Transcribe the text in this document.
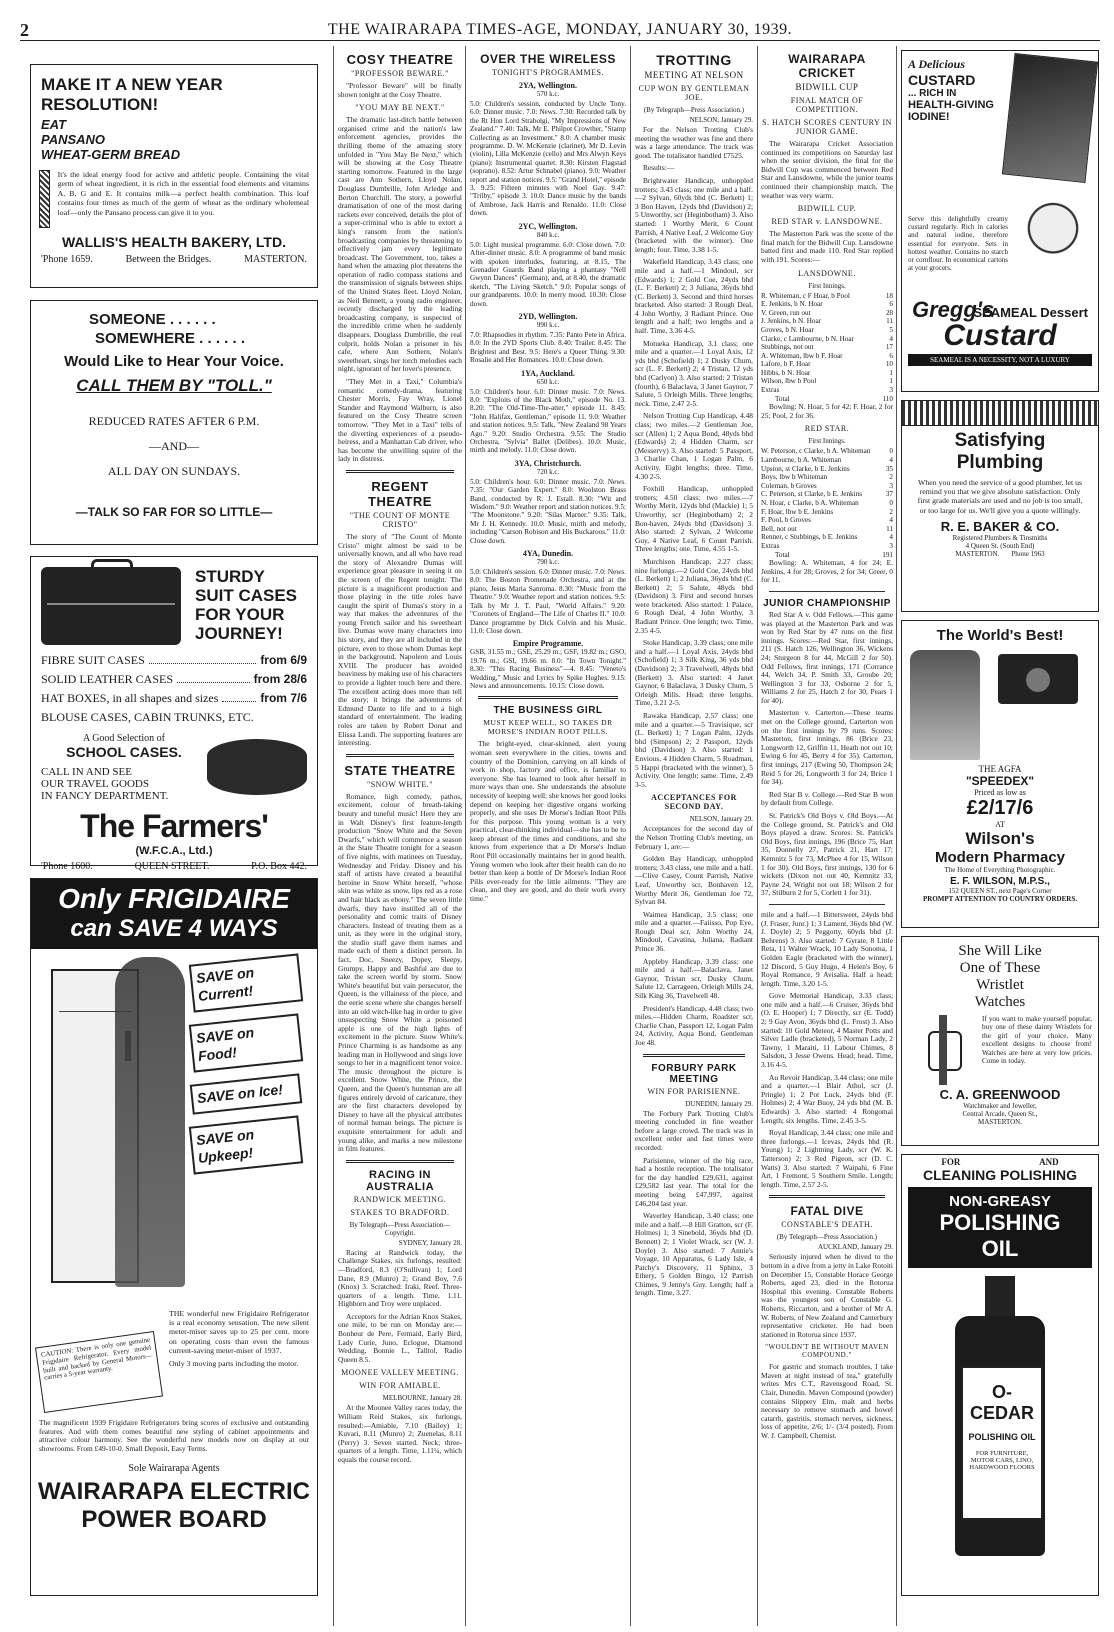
2	THE WAIRARAPA TIMES-AGE, MONDAY, JANUARY 30, 1939.
MAKE IT A NEW YEAR RESOLUTION!
EAT
PANSANO
WHEAT-GERM BREAD
It's the ideal energy food for active and athletic people. Containing the vital germ of wheat ingredient, it is rich in the essential food elements and vitamins A, B, G and E. It contains milk—a perfect health combination. This loaf contains four times as much of the germ of wheat as the ordinary wholemeal loaf—only the Pansano process can give it to you.
WALLIS'S HEALTH BAKERY, LTD.
'Phone 1659.	Between the Bridges.	MASTERTON.
SOMEONE . . . . . .
SOMEWHERE . . . . . .
Would Like to Hear Your Voice.
CALL THEM BY "TOLL."
REDUCED RATES AFTER 6 P.M.
—AND—
ALL DAY ON SUNDAYS.
—TALK SO FAR FOR SO LITTLE—
STURDY
SUIT CASES
FOR YOUR
JOURNEY!
FIBRE SUIT CASES	from 6/9
SOLID LEATHER CASES	from 28/6
HAT BOXES, in all shapes and sizes	from 7/6
BLOUSE CASES, CABIN TRUNKS, ETC.
A Good Selection of
SCHOOL CASES.
CALL IN AND SEE
OUR TRAVEL GOODS
IN FANCY DEPARTMENT.
The Farmers'
(W.F.C.A., Ltd.)
'Phone 1600.	QUEEN STREET.	P.O. Box 442.
Only FRIGIDAIRE
can SAVE 4 WAYS
SAVE on Current!
SAVE on Food!
SAVE on Ice!
SAVE on Upkeep!
CAUTION: There is only one genuine Frigidaire Refrigerator. Every model built and backed by General Motors—carries a 5-year warranty.
THE wonderful new Frigidaire Refrigerator is a real economy sensation. The new silent meter-miser saves up to 25 per cent. more on operating costs than even the famous current-saving meter-miser of 1937.
Only 3 moving parts including the motor.
The magnificent 1939 Frigidaire Refrigerators bring scores of exclusive and outstanding features. And with them comes beautiful new styling of cabinet appointments and attractive colour harmony. See the wonderful new models now on display at our showrooms. From £49-10-0. Small Deposit, Easy Terms.
Sole Wairarapa Agents
WAIRARAPA ELECTRIC
POWER BOARD
COSY THEATRE
"PROFESSOR BEWARE."

"Professor Beware" will be finally shown tonight at the Cosy Theatre.

"YOU MAY BE NEXT."

The dramatic last-ditch battle between organised crime and the nation's law enforcement agencies, provides the thrilling theme of the amazing story unfolded in "You May Be Next," which will be showing at the Cosy Theatre starting tomorrow. Featured in the large cast are Ann Sothern, Lloyd Nolan, Douglass Dumbrille, John Arledge and Berton Churchill. The story, a powerful dramatisation of one of the most daring rackets ever conceived, details the plot of a super-criminal who is able to extort a king's ransom from the nation's broadcasting companies by threatening to effectively jam every legitimate broadcast. The Government, too, takes a hand when the amazing plot threatens the operation of radio compass stations and the transmission of signals between ships of the United States fleet. Lloyd Nolan, as Neil Bennett, a young radio engineer, recently discharged by the leading broadcasting company, is suspected of the incredible crime when he suddenly disappears. Douglass Dumbrille, the real culprit, holds Nolan a prisoner in his cafe, where Ann Sothern, Nolan's sweetheart, sings her torch melodies each night, ignorant of her lover's presence.

"They Met in a Taxi," Columbia's romantic comedy-drama, featuring Chester Morris, Fay Wray, Lionel Stander and Raymond Walburn, is also featured on the Cosy Theatre screen tomorrow. "They Met in a Taxi" tells of the diverting experiences of a pseudo-heiress, and a Manhattan Cab driver, who has become the unwilling squire of the lady in distress.

REGENT THEATRE
"THE COUNT OF MONTE CRISTO"

The story of "The Count of Monte Cristo" might almost be said to be universally known, and all who have read the story of Alexandre Dumas will experience great pleasure in seeing it on the screen of the Regent tonight. The picture is a magnificent production and those playing in the title roles have caught the spirit of Dumas's story in a way that makes the adventures of the young French sailor and his sweetheart live. Dumas wove many characters into his story, and they are all included in the picture, even to those whom Dumas kept in the background, Napoleon and Louis XVIII. The producer has avoided heaviness by making use of his characters to provide a lighter touch here and there. The excellent acting does more than tell the story; it brings the adventures of Edmund Dante to life and to a high standard of entertainment. The leading roles are taken by Robert Donat and Elissa Landi. The supporting features are interesting.

STATE THEATRE
"SNOW WHITE."

Romance, high comedy, pathos, excitement, colour of breath-taking beauty and tuneful music! Here they are in Walt Disney's first feature-length production "Snow White and the Seven Dwarfs," which will commence a season at the State Theatre tonight for a season of five nights, with matinees on Tuesday, Wednesday and Friday. Disney and his staff of artists have created a beautiful heroine in Snow White herself, "whose skin was white as snow, lips red as a rose and hair black as ebony." The seven little dwarfs, they have instilled all of the personality and comic traits of Disney characters. Instead of treating them as a unit, as they were in the original story, the studio staff gave them names and made each of them a distinct person. In fact, Doc, Sneezy, Dopey, Sleepy, Grumpy, Happy and Bashful are due to take the screen world by storm. Snow White's beautiful but vain persecutor, the Queen, is the villainess of the piece, and the eerie scene where she changes herself into an old witch-like hag in order to give unsuspecting Snow White a poisoned apple is one of the high lights of excitement in the picture. Snow White's Prince Charming is as handsome as any leading man in Hollywood and sings love songs to her in a magnificent tenor voice. The music throughout the picture is excellent. Snow White, the Prince, the Queen, and the Queen's huntsman are all figures entirely devoid of caricature, they are the first characters developed by Disney to have all the physical attributes of normal human beings. The picture is exquisite entertainment for adult and young alike, and marks a new milestone in film features.

RACING IN AUSTRALIA
RANDWICK MEETING.
STAKES TO BRADFORD.
By Telegraph—Press Association—Copyright.
SYDNEY, January 28.

Racing at Randwick today, the Challenge Stakes, six furlongs, resulted:—Bradford, 8.3 (O'Sullivan) 1; Lord Dane, 8.9 (Munro) 2; Grand Boy, 7.6 (Knox) 3. Scratched: Iraki, Reef. Three-quarters of a length. Time, 1.11. Highborn and Troy were unplaced.

Acceptors for the Adrian Knox Stakes, one mile, to be run on Monday are:—Bonheur de Pere, Fermaid, Early Bird, Lady Curie, Juno, Eclogue, Diamond Wedding, Bonnie L., Talltol, Radio Queen 8.5.

MOONEE VALLEY MEETING.
WIN FOR AMIABLE.
MELBOURNE, January 28.

At the Moonee Valley races today, the William Reid Stakes, six furlongs, resulted:—Amiable, 7.10 (Bailey) 1; Kuvari, 8.11 (Munro) 2; Zuenelas, 8.11 (Perry) 3. Seven started. Neck; three-quarters of a length. Time, 1.11¼, which equals the course record.

OVER THE WIRELESS
TONIGHT'S PROGRAMMES.
2YA, Wellington.
570 k.c.

5.0: Children's session, conducted by Uncle Tony. 6.0: Dinner music. 7.0: News. 7.30: Recorded talk by the Rt Hon Lord Strabolgi, "My Impressions of New Zealand." 7.40: Talk, Mr E. Philpot Crowther, "Stamp Collecting as an Investment." 8.0: A chamber music programme. D. W. McKenzie (clarinet), Mr D. Levin (violin), Lilla McKenzie (cello) and Mrs Alwyn Keys (piano): Instrumental quartet. 8.30: Kirsten Flagstad (soprano). 8.52: Artur Schnabel (piano). 9.0: Weather report and station notices. 9.5: "Grand Hotel," episode 3. 9.25: Fifteen minutes with Noel Gay. 9.47: "Trilby," episode 3. 10.0: Dance music by the bands of Ambrose, Jack Harris and Renaldo. 11.0: Close down.

2YC, Wellington.
840 k.c.

5.0: Light musical programme. 6.0: Close down. 7.0: After-dinner music. 8.0: A programme of band music with spoken interludes, featuring, at 8.15, The Grenadier Guards Band playing a phantasy "Nell Gwynn Dances" (German), and, at 8.40, the dramatic sketch, "The Living Sketch." 9.0: Popular songs of our grandparents. 10.0: In merry mood. 10.30: Close down.

2YD, Wellington.
990 k.c.

7.0: Rhapsodies in rhythm. 7.35: Panto Pete in Africa. 8.0: In the 2YD Sports Club. 8.40: Trailer. 8.45: The Brightest and Best. 9.5: Here's a Queer Thing. 9.30: Rosalie and Her Romances. 10.0: Close down.

1YA, Auckland.
650 k.c.

5.0: Children's hour. 6.0: Dinner music. 7.0: News. 8.0: "Exploits of the Black Moth," episode No. 13. 8.20: "The Old-Time-The-atter," episode 11. 8.45: "John Halifax, Gentleman," episode 11. 9.0: Weather and station notices. 9.5: Talk, "New Zealand 98 Years Ago." 9.20: Studio Orchestra. 9.55: The Studio Orchestra, "Sylvia" Ballet (Delibes). 10.0: Music, mirth and melody. 11.0: Close down.

3YA, Christchurch.
720 k.c.

5.0: Children's hour. 6.0: Dinner music. 7.0: News. 7.35: "Our Garden Expert." 8.0: Woolston Brass Band, conducted by R. J. Estall. 8.30: "Wit and Wisdom." 9.0: Weather report and station notices. 9.5: "The Moonstone." 9.20: "Silas Marner." 9.35: Talk, Mr J. H. Kennedy. 10.0: Music, mirth and melody, including "Carson Robison and His Buckaroos." 11.0: Close down.

4YA, Dunedin.
790 k.c.

5.0: Children's session. 6.0: Dinner music. 7.0: News. 8.0: The Boston Promenade Orchestra, and at the piano, Jesus Maria Sanroma. 8.30: "Music from the Theatre." 9.0: Weather report and station notices. 9.5: Talk by Mr J. T. Paul, "World Affairs." 9.20: "Coronets of England—The Life of Charles II." 10.0: Dance programme by Dick Colvin and his Music. 11.0: Close down.

Empire Programme.

GSB, 31.55 m.; GSE, 25.29 m.; GSF, 19.82 m.; GSO, 19.76 m.; GSI, 19.66 m. 8.0: "In Town Tonight." 8.30: "This Racing Business"—4. 8.45: "Veneto's Wedding," Music and Lyrics by Spike Hughes. 9.15: News and announcements. 10.15: Close down.

THE BUSINESS GIRL
MUST KEEP WELL, SO TAKES DR MORSE'S INDIAN ROOT PILLS.

The bright-eyed, clear-skinned, alert young woman seen everywhere in the cities, towns and country of the Dominion, carrying on all kinds of work in shop, factory and office, is familiar to everyone. She has learned to look after herself in more ways than one. She understands the absolute necessity of keeping well; she knows her good looks depend on keeping her digestive organs working properly, and she uses Dr Morse's Indian Root Pills for this purpose. This young woman is a very practical, clear-thinking individual—she has to be to keep abreast of the times and conditions, and she knows from experience that a Dr Morse's Indian Root Pill occasionally maintains her in good health. Young women who look after their health can do no better than keep a bottle of Dr Morse's Indian Root Pills ever-ready for the little ailments. "They are clean, and they are good, and do their work every time."

TROTTING
MEETING AT NELSON
CUP WON BY GENTLEMAN JOE.
(By Telegraph—Press Association.)
NELSON, January 29.

For the Nelson Trotting Club's meeting the weather was fine and there was a large attendance. The track was good. The totalisator handled £7525.

Results:—

Brightwater Handicap, unhoppled trotters; 3.43 class; one mile and a half.—2 Sylvan, 60yds bhd (C. Berkett) 1; 3 Bon Haven, 12yds bhd (Davidson) 2; 5 Unworthy, scr (Heginbotham) 3. Also started: 1 Worthy Merit, 6 Count Parrish, 4 Native Leaf, 2 Welcome Guy (bracketed with the winner). One length; four. Time, 3.38 1-5.

Wakefield Handicap, 3.43 class; one mile and a half.—1 Mindoul, scr (Edwards) 1; 2 Gold Coe, 24yds bhd (L. F. Berkett) 2; 3 Juliana, 36yds bhd (C. Berkett) 3. Second and third horses bracketed. Also started: 3 Rough Deal, 4 John Worthy, 3 Radiant Prince. One length and a half; two lengths and a half. Time, 3.36 4-5.

Motueka Handicap, 3.1 class; one mile and a quarter.—1 Loyal Axis, 12 yds bhd (Schofield) 1; 2 Dusky Chum, scr (L. F. Berkett) 2; 4 Tristan, 12 yds bhd (Carlyon) 3. Also started: 2 Tristan (fourth), 6 Balaclava, 3 Janet Gaynor, 7 Salute, 5 Orleigh Mills. Three lengths; neck. Time, 2.47 2-5.

Nelson Trotting Cup Handicap, 4.48 class; two miles.—2 Gentleman Joe, scr (Allen) 1; 2 Aqua Bond, 48yds bhd (Edwards) 2; 4 Hidden Charm, scr (Messervy) 3. Also started: 5 Passport, 3 Charlie Chan, 1 Logan Palm, 6 Activity. Eight lengths; three. Time, 4.30 2-5.

Foxhill Handicap, unhoppled trotters; 4.50 class; two miles.—7 Worthy Merit, 12yds bhd (Mackie) 1; 5 Unworthy, scr (Heginbotham) 2; 2 Bon-haven, 24yds bhd (Davidson) 3. Also started: 2 Sylvan, 2 Welcome Guy, 4 Native Leaf, 6 Count Parrish. Three lengths; one. Time, 4.55 1-5.

Murchison Handicap, 2.27 class; nine furlongs.—2 Gold Coe, 24yds bhd (L. Berkett) 1; 2 Juliana, 36yds bhd (C. Berkett) 2; 5 Salute, 48yds bhd (Davidson) 3. First and second horses were bracketed. Also started: 1 Palace, 6 Rough Deal, 4 John Worthy, 3 Radiant Prince. One length; two. Time, 2.35 4-5.

Stoke Handicap, 3.39 class; one mile and a half.—1 Loyal Axis, 24yds bhd (Schofield) 1; 3 Silk King, 36 yds bhd (Davidson) 2; 3 Travelwell, 48yds bhd (Berkett) 3. Also started: 4 Janet Gaynor, 6 Balaclava, 3 Dusky Chum, 5 Orleigh Mills. Head; three lengths. Time, 3.21 2-5.

Rawaka Handicap, 2.57 class; one mile and a quarter.—5 Travisique, scr (L. Berkett) 1; 7 Logan Palm, 12yds bhd (Simpson) 2; 2 Passport, 12yds bhd (Davidson) 3. Also started: 1 Envious, 4 Hidden Charm, 5 Roadman, 5 Happi (bracketed with the winner), 5 Activity. One length; same. Time, 2.49 3-5.

ACCEPTANCES FOR SECOND DAY.
NELSON, January 29.

Acceptances for the second day of the Nelson Trotting Club's meeting, on February 1, are:—

Golden Bay Handicap, unhoppled trotters; 3.43 class, one mile and a half.—Clive Casey, Count Parrish, Native Leaf, Unworthy scr, Bonhaven 12, Worthy Merit 36, Gentleman Joe 72, Sylvan 84.

Waimea Handicap, 3.5 class; one mile and a quarter.—Faiisso, Pop Eye, Rough Deal scr, John Worthy 24, Mindoul, Cavatina, Juliana, Radiant Prince 36.

Appleby Handicap, 3.39 class; one mile and a half.—Balaclava, Janet Gaynor, Tristan scr, Dusky Chum, Salute 12, Carrageen, Orleigh Mills 24, Silk King 36, Travelwell 48.

President's Handicap, 4.48 class; two miles.—Hidden Charm, Roadster scr, Charlie Chan, Passport 12, Logan Palm 24, Activity, Aqua Bond, Gentleman Joe 48.

FORBURY PARK MEETING
WIN FOR PARISIENNE.
DUNEDIN, January 29.

The Forbury Park Trotting Club's meeting concluded in fine weather before a large crowd. The track was in excellent order and fast times were recorded.

Parisienne, winner of the big race, had a hostile reception. The totalisator for the day handled £29,631, against £29,582 last year. The total for the meeting being £47,997, against £46,204 last year.

Waverley Handicap, 3.40 class; one mile and a half.—8 Hill Gratton, scr (F. Holmes) 1; 3 Sinebold, 36yds bhd (D. Bennett) 2; 1 Violet Wrack, scr (W. J. Doyle) 3. Also started: 7 Annie's Voyage, 10 Apparatus, 6 Lady Isle, 4 Patchy's Discovery, 11 Sphinx, 3 Ethery, 5 Golden Bingo, 12 Parrish Chimes, 9 Jenny's Guy. Length; half a length. Time, 3.27.

WAIRARAPA CRICKET
BIDWILL CUP
FINAL MATCH OF COMPETITION.
S. HATCH SCORES CENTURY IN JUNIOR GAME.

The Wairarapa Cricket Association continued its competitions on Saturday last when the senior division, the final for the Bidwill Cup was commenced between Red Star and Lansdowne, while the junior teams continued their championship match. The weather was very warm.

BIDWILL CUP.
RED STAR v. LANSDOWNE.

The Masterton Park was the scene of the final match for the Bidwill Cup. Lansdowne batted first and made 110. Red Star replied with 191. Scores:—

LANSDOWNE.
First Innings.
R. Whiteman, c F Hoar, b Pool	18
E. Jenkins, b N. Hoar	6
V. Green, run out	28
J. Jenkins, b N. Hoar	11
Groves, b N. Hoar	5
Clarke, c Lambourne, b N. Hoar	4
Stubbings, not out	17
A. Whiteman, lbw b F. Hoar	6
Lafore, b F. Hoar	10
Hibbs, b N. Hoar	1
Wilson, lbw b Pool	1
Extras	3
Total	110

Bowling: N. Hoar, 5 for 42; F. Hoar, 2 for 25; Pool, 2 for 36.

RED STAR.
First Innings.
W. Peterson, c Clarke, b A. Whiteman	0
Lambourne, b A. Whiteman	4
Upston, st Clarke, b E. Jenkins	35
Boys, lbw b Whiteman	2
Coleman, b Groves	3
C. Peterson, st Clarke, b E. Jenkins	37
N. Hoar, c Clarke, b A. Whiteman	0
F. Hoar, lbw b E. Jenkins	2
F. Pool, b Groves	4
Bell, not out	11
Renner, c Stubbings, b E. Jenkins	4
Extras	3
Total	191

Bowling: A. Whiteman, 4 for 24; E. Jenkins, 4 for 28; Groves, 2 for 34; Greer, 0 for 11.

JUNIOR CHAMPIONSHIP

Red Star A v. Odd Fellows.—This game was played at the Masterton Park and was won by Red Star by 47 runs on the first innings. Scores:—Red Star, first innings, 211 (S. Hatch 126, Wellington 36, Wickens 24; Sturgeon 8 for 44, McGill 2 for 50). Odd Fellows, first innings, 171 (Corrance 44, Welch 34, P. Smith 33, Groube 20; Wellington 3 for 33, Osborne 2 for 5, Williams 2 for 25, Hatch 2 for 30, Pears 1 for 40).

Masterton v. Carterton.—These teams met on the College ground, Carterton won on the first innings by 79 runs. Scores: Masterton, first innings, 86 (Brice 23, Longworth 12, Griffin 11, Heath not out 10; Ewing 6 for 45, Berry 4 for 35). Carterton, first innings, 217 (Ewing 50, Thompson 24; Reid 5 for 26, Longworth 3 for 24, Brice 1 for 34).

Red Star B v. College.—Red Star B won by default from College.

St. Patrick's Old Boys v. Old Boys.—At the College ground, St. Patrick's and Old Boys played a draw. Scores: St. Patrick's Old Boys, first innings, 196 (Brice 75, Hart 35, Donnelly 27, Patrick 21, Hart 17; Kemnitz 5 for 73, McPhee 4 for 15, Wilson 1 for 30). Old Boys, first innings, 130 for 6 wickets (Dixon not out 40, Kemnitz 33, Payne 24, Wright not out 18; Wilson 2 for 37, Stilburn 2 for 5, Corlett 1 for 31).

mile and a half.—1 Bittersweet, 24yds bhd (J. Fraser, Junr.) 1; 3 Lament, 36yds bhd (W. J. Doyle) 2; 5 Peggotty, 60yds bhd (J. Behrens) 3. Also started: 7 Gyrate, 8 Little Reta, 11 Walter Wrack, 10 Lady Sonoma, 1 Golden Eagle (bracketed with the winner), 12 Discord, 5 Guy Hugo, 4 Helen's Boy, 6 Royal Romance, 9 Avisalia. Half a head; length. Time, 3.20 1-5.

Gove Memorial Handicap, 3.33 class; one mile and a half.—6 Cruiser, 36yds bhd (O. E. Hooper) 1; 7 Directly, scr (E. Todd) 2; 9 Gay Avon, 36yds bhd (L. Frost) 3. Also started: 10 Gold Meteor, 4 Master Potts and Silver Ladle (bracketed), 5 Norman Lady, 2 Tawny, 1 Maraiti, 11 Labour Chimes, 8 Salsdon, 3 Jesse Owens. Head; head. Time, 3.16 4-5.

Au Revoir Handicap, 3.44 class; one mile and a quarter.—1 Blair Athol, scr (J. Pringle) 1; 2 Pot Luck, 24yds bhd (F. Holmes) 2; 4 War Buoy, 24 yds bhd (M. B. Edwards) 3. Also started: 4 Rongomai Length; six lengths. Time, 2.45 3-5.

Royal Handicap, 3.44 class; one mile and three furlongs.—1 Icevas, 24yds bhd (R. Young) 1; 2 Lightning Lady, scr (W. K. Tatterson) 2; 3 Red Pigeon, scr (D. C. Watts) 3. Also started: 7 Waipahi, 6 Fine Art, 1 Fremont, 5 Southern Smile. Length; length. Time, 2.57 2-5.

FATAL DIVE
CONSTABLE'S DEATH.
(By Telegraph—Press Association.)
AUCKLAND, January 29.

Seriously injured when he dived to the bottom in a dive from a jetty in Lake Rotoiti on December 15, Constable Horace George Roberts, aged 23, died in the Rotorua Hospital this evening. Constable Roberts was the youngest son of Constable G. Roberts, Riccarton, and a brother of Mr A. W. Roberts, of New Zealand and Canterbury representative cricketer. He had been stationed in Rotorua since 1937.

"WOULDN'T BE WITHOUT MAVEN COMPOUND."

For gastric and stomach troubles, I take Maven at night instead of tea," gratefully writes Mrs C.T., Ravensgood Road, St. Clair, Dunedin. Maven Compound (powder) contains Slippery Elm, malt and herbs necessary to remove stomach and bowel catarrh, gastritis, stomach nerves, sickness, loss of appetite, 2/6; 1/- (3/4 posted). From W. J. Campbell, Chemist.

A Delicious
CUSTARD
... RICH IN
HEALTH-GIVING
IODINE!
Serve this delightfully creamy custard regularly. Rich in calories and natural iodine, therefore essential for everyone. Sets in hottest weather. Contains no starch or cornflour. In economical cartons at your grocers.
Gregg's
SEAMEAL Dessert
Custard
SEAMEAL IS A NECESSITY, NOT A LUXURY
Satisfying
Plumbing
When you need the service of a good plumber, let us remind you that we give absolute satisfaction. Only first grade materials are used and no job is too small, or too large for us. We'll give you a quote willingly.
R. E. BAKER & CO.
Registered Plumbers & Tinsmiths
4 Queen St. (South End)
MASTERTON. Phone 1963
The World's Best!
THE AGFA
"SPEEDEX"
Priced as low as
£2/17/6
AT
Wilson's
Modern Pharmacy
The Home of Everything Photographic.
E. F. WILSON, M.P.S.,
152 QUEEN ST., next Page's Corner
PROMPT ATTENTION TO COUNTRY ORDERS.
She Will Like
One of These
Wristlet
Watches
If you want to make yourself popular, buy one of these dainty Wristlets for the girl of your choice. Many excellent designs to choose from! Watches are here at very low prices. Come in today.
C. A. GREENWOOD
Watchmaker and Jeweller,
Central Arcade, Queen St.,
MASTERTON.
FOR	AND
CLEANING POLISHING
NON-GREASY
POLISHING
OIL
O-CEDAR
POLISHING OIL
FOR FURNITURE, MOTOR CARS, LINO, HARDWOOD FLOORS
